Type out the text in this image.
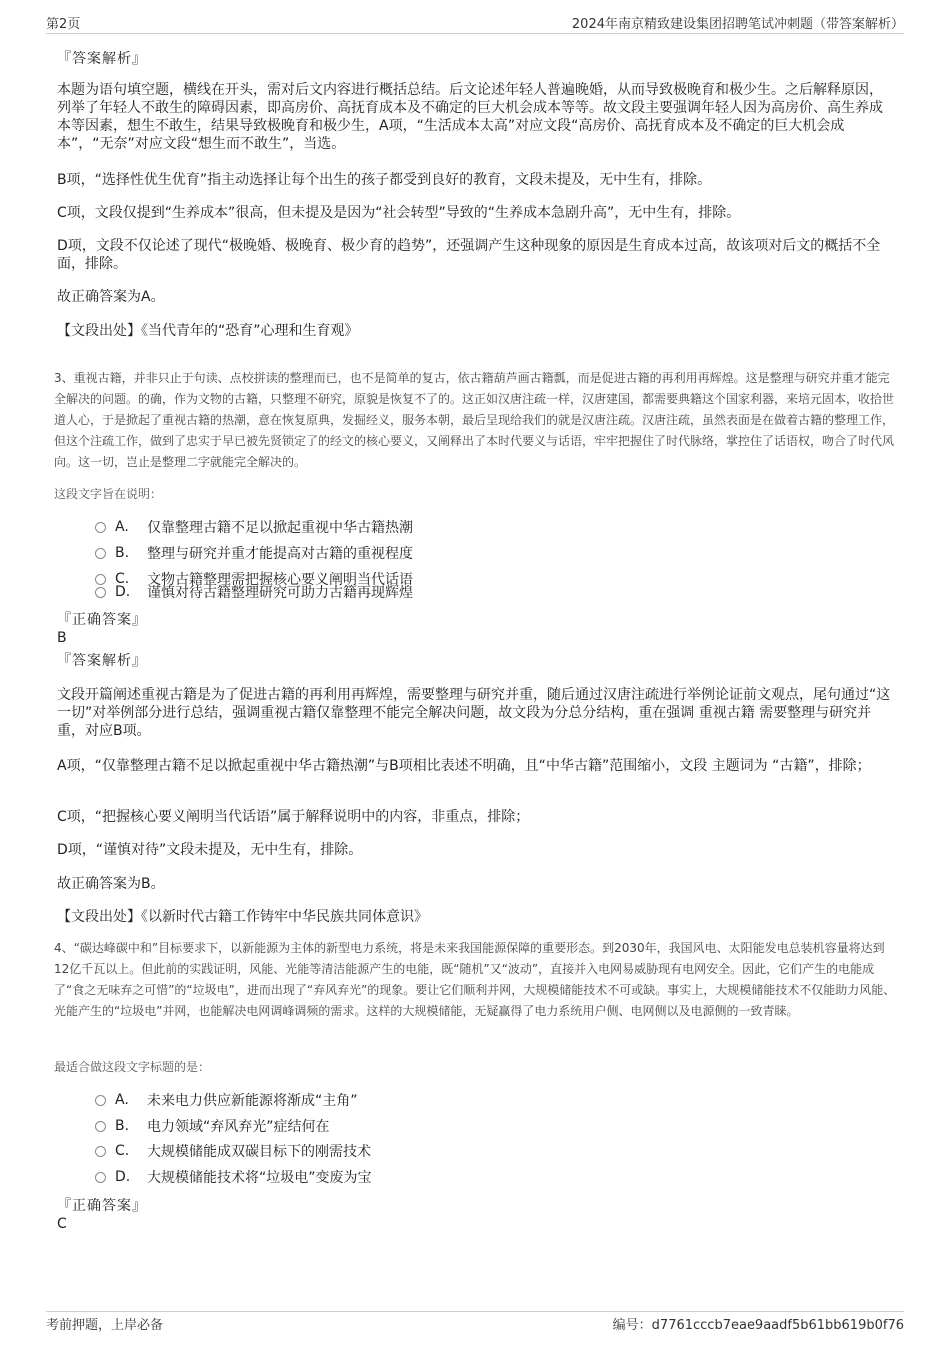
第2页	2024年南京精致建设集团招聘笔试冲刺题（带答案解析）
『答案解析』
本题为语句填空题，横线在开头，需对后文内容进行概括总结。后文论述年轻人普遍晚婚，从而导致极晚育和极少生。之后解释原因，列举了年轻人不敢生的障碍因素，即高房价、高抚育成本及不确定的巨大机会成本等等。故文段主要强调年轻人因为高房价、高生养成本等因素，想生不敢生，结果导致极晚育和极少生，A项，“生活成本太高”对应文段“高房价、高抚育成本及不确定的巨大机会成本”，“无奈”对应文段“想生而不敢生”，当选。
B项，“选择性优生优育”指主动选择让每个出生的孩子都受到良好的教育，文段未提及，无中生有，排除。
C项，文段仅提到“生养成本”很高，但未提及是因为“社会转型”导致的“生养成本急剧升高”，无中生有，排除。
D项，文段不仅论述了现代“极晚婚、极晚育、极少育的趋势”，还强调产生这种现象的原因是生育成本过高，故该项对后文的概括不全面，排除。
故正确答案为A。
【文段出处】《当代青年的“恐育”心理和生育观》
3、重视古籍，并非只止于句读、点校拼读的整理而已，也不是简单的复古，依古籍葫芦画古籍瓢，而是促进古籍的再利用再辉煌。这是整理与研究并重才能完全解决的问题。的确，作为文物的古籍，只整理不研究，原貌是恢复不了的。这正如汉唐注疏一样，汉唐建国，都需要典籍这个国家利器，来培元固本，收拾世道人心，于是掀起了重视古籍的热潮，意在恢复原典，发掘经义，服务本朝，最后呈现给我们的就是汉唐注疏。汉唐注疏，虽然表面是在做着古籍的整理工作，但这个注疏工作，做到了忠实于早已被先贤锁定了的经文的核心要义，又阐释出了本时代要义与话语，牢牢把握住了时代脉络，掌控住了话语权，吻合了时代风向。这一切，岂止是整理二字就能完全解决的。
这段文字旨在说明：
A.	仅靠整理古籍不足以掀起重视中华古籍热潮
B.	整理与研究并重才能提高对古籍的重视程度
C.	文物古籍整理需把握核心要义阐明当代话语
D.	谨慎对待古籍整理研究可助力古籍再现辉煌
『正确答案』
B
『答案解析』
文段开篇阐述重视古籍是为了促进古籍的再利用再辉煌，需要整理与研究并重，随后通过汉唐注疏进行举例论证前文观点，尾句通过“这一切”对举例部分进行总结，强调重视古籍仅靠整理不能完全解决问题，故文段为分总分结构，重在强调 重视古籍 需要整理与研究并重，对应B项。
A项，“仅靠整理古籍不足以掀起重视中华古籍热潮”与B项相比表述不明确，且“中华古籍”范围缩小，文段 主题词为 “古籍”，排除；
C项，“把握核心要义阐明当代话语”属于解释说明中的内容，非重点，排除；
D项，“谨慎对待”文段未提及，无中生有，排除。
故正确答案为B。
【文段出处】《以新时代古籍工作铸牢中华民族共同体意识》
4、“碳达峰碳中和”目标要求下，以新能源为主体的新型电力系统，将是未来我国能源保障的重要形态。到2030年，我国风电、太阳能发电总装机容量将达到12亿千瓦以上。但此前的实践证明，风能、光能等清洁能源产生的电能，既“随机”又“波动”，直接并入电网易威胁现有电网安全。因此，它们产生的电能成了“食之无味弃之可惜”的“垃圾电”，进而出现了“弃风弃光”的现象。要让它们顺利并网，大规模储能技术不可或缺。事实上，大规模储能技术不仅能助力风能、光能产生的“垃圾电”并网，也能解决电网调峰调频的需求。这样的大规模储能，无疑赢得了电力系统用户侧、电网侧以及电源侧的一致青睐。
最适合做这段文字标题的是：
A.	未来电力供应新能源将渐成“主角”
B.	电力领域“弃风弃光”症结何在
C.	大规模储能成双碳目标下的刚需技术
D.	大规模储能技术将“垃圾电”变废为宝
『正确答案』
C
考前押题，上岸必备	编号：d7761cccb7eae9aadf5b61bb619b0f76
